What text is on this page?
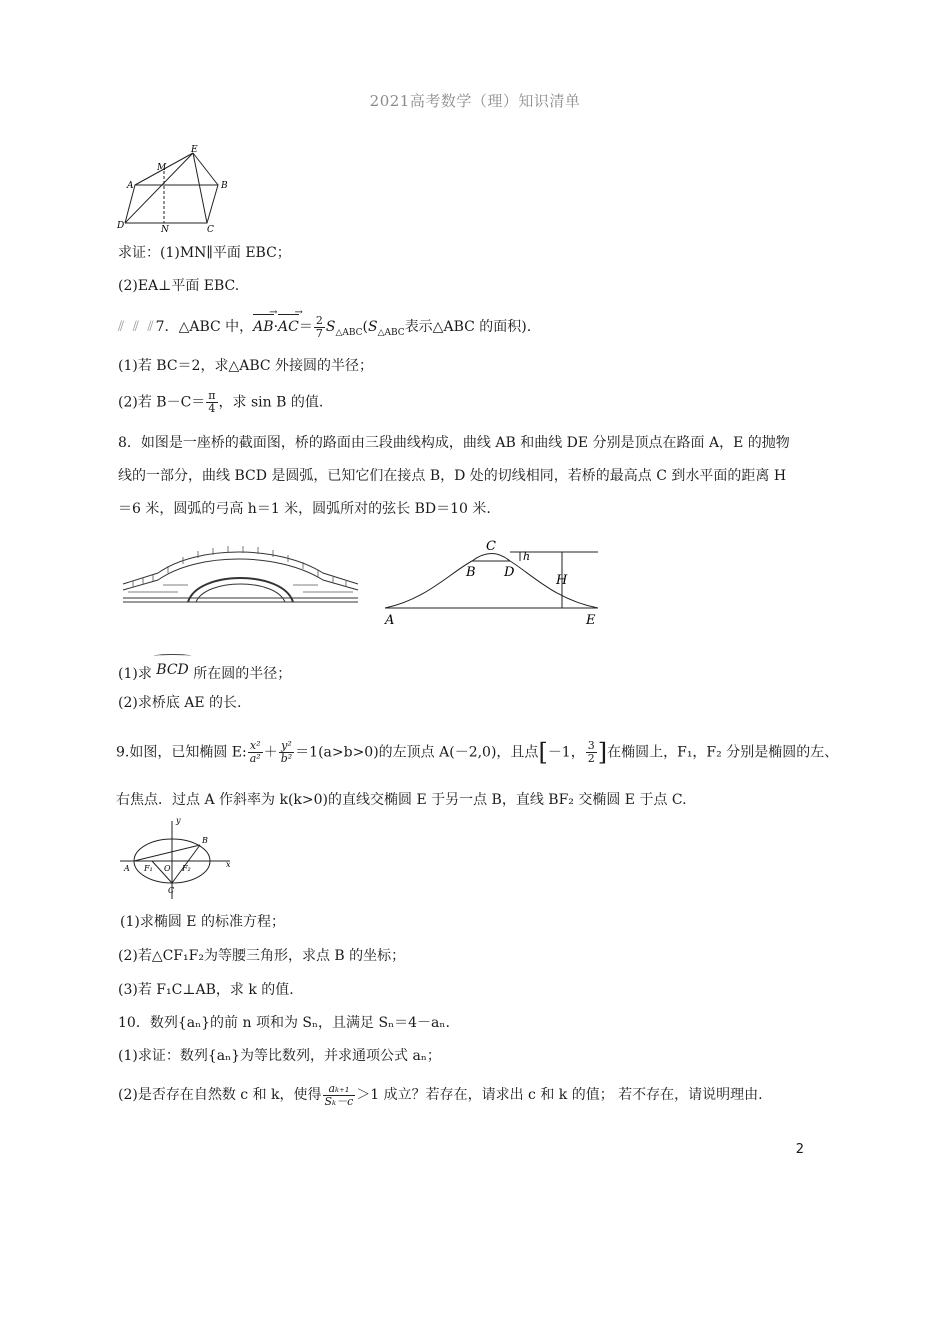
2021高考数学（理）知识清单
E
M
A	B
D	N	C
求证：(1)MN∥平面 EBC；
(2)EA⊥平面 EBC.
⫽ ⫽ ⫽7．△ABC 中，AB $\to\cdot AC \to= \frac{2}{7} S_{\triangle ABC}(S_{\triangle ABC}$表示△ABC 的面积).
(1)若 BC＝2，求△ABC 外接圆的半径；
(2)若 $B-C= \frac{\pi}{4}$ ，求 sin B 的值.
8．如图是一座桥的截面图，桥的路面由三段曲线构成，曲线 AB 和曲线 DE 分别是顶点在路面 A，E 的抛物
线的一部分，曲线 BCD 是圆弧，已知它们在接点 B，D 处的切线相同，若桥的最高点 C 到水平面的距离 H
＝6 米，圆弧的弓高 h＝1 米，圆弧所对的弦长 BD＝10 米.
C
B D
h
H
A	E
(1)求 BCD 所在圆的半径；
(2)求桥底 AE 的长.
9.如图，已知椭圆 E: $\frac{\text{x²}}{\text{a²}} + \frac{\text{y²}}{\text{b²}} =1(a>b>0)$的左顶点 A(－2,0)，且点[－1， $\frac{3}{2}$ ]在椭圆上，F₁，F₂ 分别是椭圆的左、
右焦点．过点 A 作斜率为 k(k>0)的直线交椭圆 E 于另一点 B，直线 BF₂ 交椭圆 E 于点 C.
y
B
A F₁ O F₂	x
C
(1)求椭圆 E 的标准方程；
(2)若△CF₁F₂为等腰三角形，求点 B 的坐标；
(3)若 F₁C⊥AB，求 k 的值.
10．数列{aₙ}的前 n 项和为 Sₙ，且满足 Sₙ＝4－aₙ.
(1)求证：数列{aₙ}为等比数列，并求通项公式 aₙ；
(2)是否存在自然数 c 和 k，使得 $\frac{\text{aₖ₊₁}}{\text{Sₖ－c}} >1$ 成立？若存在，请求出 c 和 k 的值； 若不存在，请说明理由.
2
